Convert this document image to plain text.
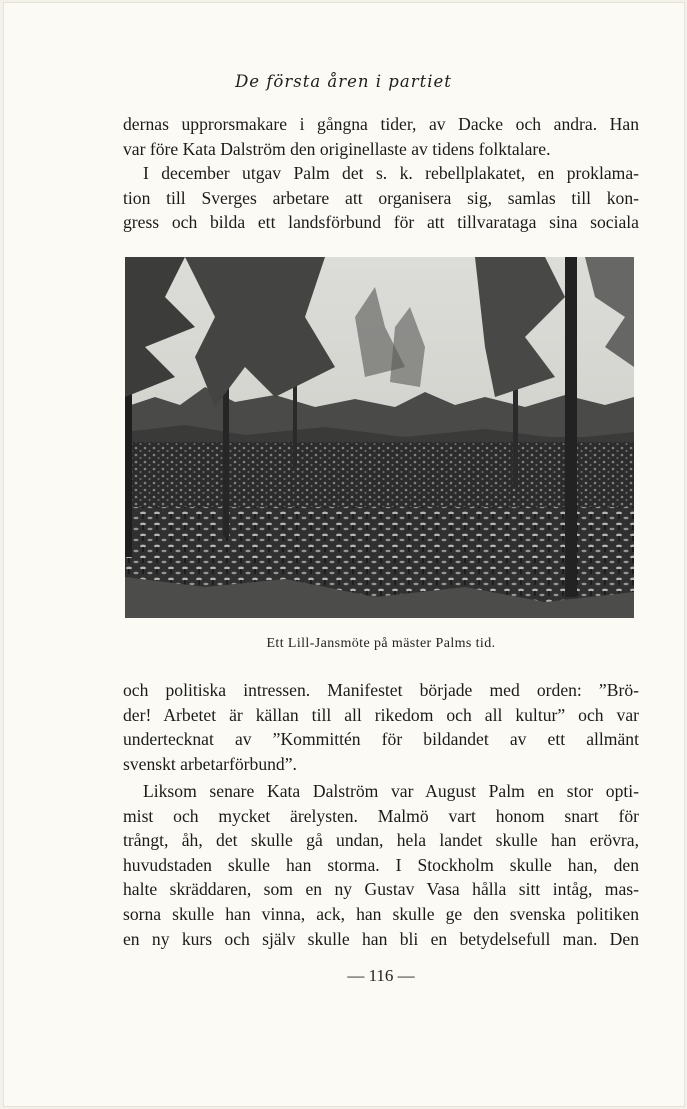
De första åren i partiet

dernas upprorsmakare i gångna tider, av Dacke och andra. Han
var före Kata Dalström den originellaste av tidens folktalare.
I december utgav Palm det s. k. rebellplakatet, en proklama-
tion till Sverges arbetare att organisera sig, samlas till kon-
gress och bilda ett landsförbund för att tillvarataga sina sociala

Ett Lill-Jansmöte på mäster Palms tid.

och politiska intressen. Manifestet började med orden: ”Brö-
der! Arbetet är källan till all rikedom och all kultur” och var
undertecknat av ”Kommittén för bildandet av ett allmänt
svenskt arbetarförbund”.
Liksom senare Kata Dalström var August Palm en stor opti-
mist och mycket ärelysten. Malmö vart honom snart för
trångt, åh, det skulle gå undan, hela landet skulle han erövra,
huvudstaden skulle han storma. I Stockholm skulle han, den
halte skräddaren, som en ny Gustav Vasa hålla sitt intåg, mas-
sorna skulle han vinna, ack, han skulle ge den svenska politiken
en ny kurs och själv skulle han bli en betydelsefull man. Den

— 116 —
